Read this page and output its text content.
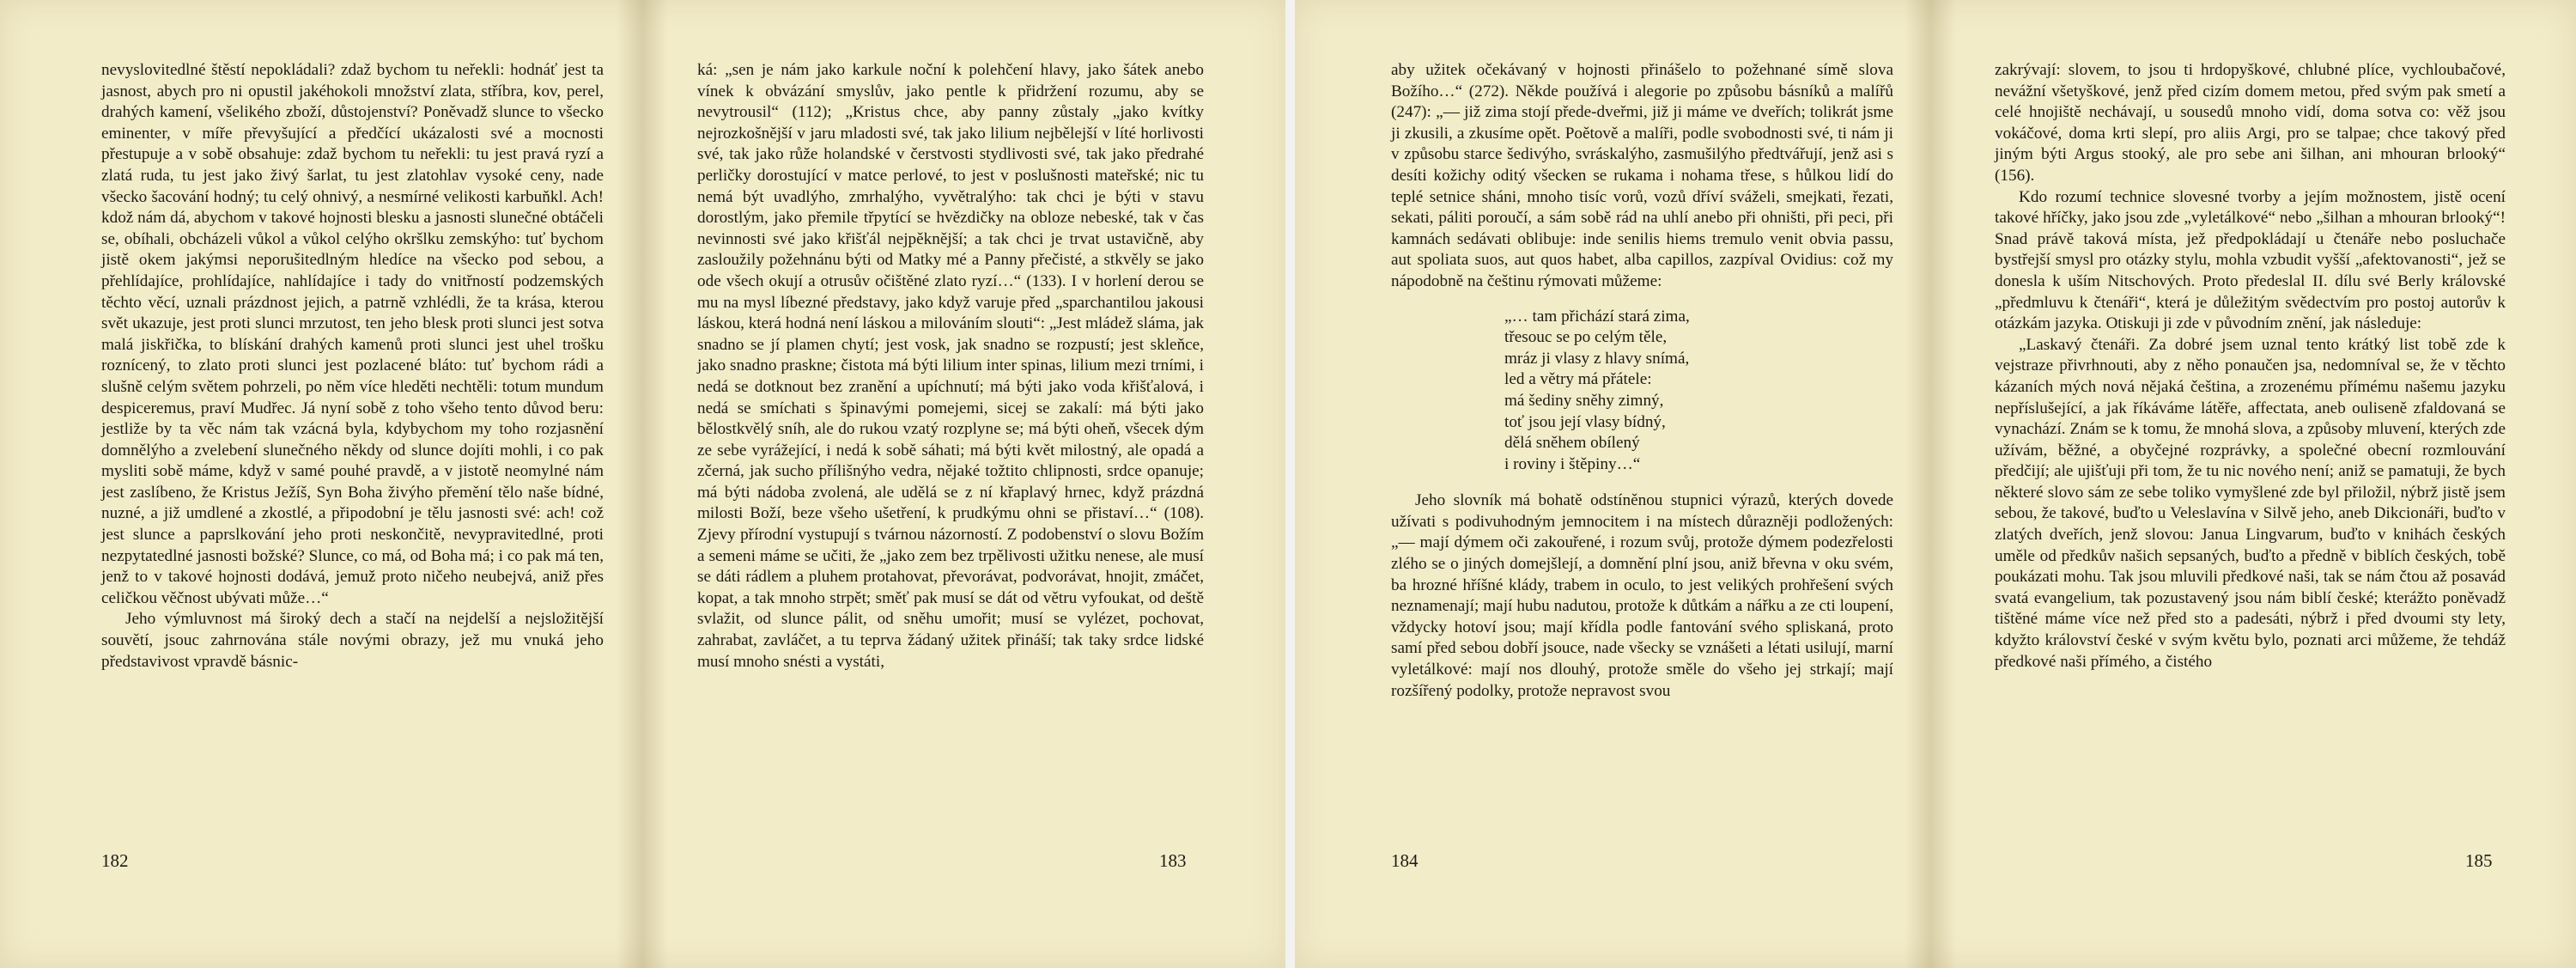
nevyslovitedlné štěstí nepokládali? zdaž bychom tu neřekli: hodnáť jest ta jasnost, abych pro ni opustil jakéhokoli množství zlata, stříbra, kov, perel, drahých kamení, všelikého zboží, důstojenství? Poněvadž slunce to všecko eminenter, v míře převyšující a předčící ukázalosti své a mocnosti přestupuje a v sobě obsahuje: zdaž bychom tu neřekli: tu jest pravá ryzí a zlatá ruda, tu jest jako živý šarlat, tu jest zlatohlav vysoké ceny, nade všecko šacování hodný; tu celý ohnivý, a nesmírné velikosti karbuňkl. Ach! kdož nám dá, abychom v takové hojnosti blesku a jasnosti slunečné obtáčeli se, obíhali, obcházeli vůkol a vůkol celýho okršlku zemskýho: tuť bychom jistě okem jakýmsi neporušitedlným hledíce na všecko pod sebou, a přehlídajíce, prohlídajíce, nahlídajíce i tady do vnitřností podzemských těchto věcí, uznali prázdnost jejich, a patrně vzhlédli, že ta krása, kterou svět ukazuje, jest proti slunci mrzutost, ten jeho blesk proti slunci jest sotva malá jiskřička, to blískání drahých kamenů proti slunci jest uhel trošku roznícený, to zlato proti slunci jest pozlacené bláto: tuť bychom rádi a slušně celým světem pohrzeli, po něm více hleděti nechtěli: totum mundum despiceremus, praví Mudřec. Já nyní sobě z toho všeho tento důvod beru: jestliže by ta věc nám tak vzácná byla, kdybychom my toho rozjasnění domnělýho a zvelebení slunečného někdy od slunce dojíti mohli, i co pak mysliti sobě máme, když v samé pouhé pravdě, a v jistotě neomylné nám jest zaslíbeno, že Kristus Ježíš, Syn Boha živýho přemění tělo naše bídné, nuzné, a již umdlené a zkostlé, a připodobní je tělu jasnosti své: ach! což jest slunce a paprslkování jeho proti neskončitě, nevypravitedlné, proti nezpytatedlné jasnosti božské? Slunce, co má, od Boha má; i co pak má ten, jenž to v takové hojnosti dodává, jemuž proto ničeho neubejvá, aniž přes celičkou věčnost ubývati může…“

Jeho výmluvnost má široký dech a stačí na nejdelší a nejsložitější souvětí, jsouc zahrnována stále novými obrazy, jež mu vnuká jeho představivost vpravdě básnic-

182

ká: „sen je nám jako karkule noční k polehčení hlavy, jako šátek anebo vínek k obvázání smyslův, jako pentle k přidržení rozumu, aby se nevytrousil“ (112); „Kristus chce, aby panny zůstaly „jako kvítky nejrozkošnější v jaru mladosti své, tak jako lilium nejbělejší v líté horlivosti své, tak jako růže holandské v čerstvosti stydlivosti své, tak jako předrahé perličky dorostující v matce perlové, to jest v poslušnosti mateřské; nic tu nemá být uvadlýho, zmrhalýho, vyvětralýho: tak chci je býti v stavu dorostlým, jako přemile třpytící se hvězdičky na obloze nebeské, tak v čas nevinnosti své jako křišťál nejpěknější; a tak chci je trvat ustavičně, aby zasloužily požehnánu býti od Matky mé a Panny přečisté, a stkvěly se jako ode všech okují a otrusův očištěné zlato ryzí…“ (133). I v horlení derou se mu na mysl líbezné představy, jako když varuje před „sparchantilou jakousi láskou, která hodná není láskou a milováním slouti“: „Jest mládež sláma, jak snadno se jí plamen chytí; jest vosk, jak snadno se rozpustí; jest skleňce, jako snadno praskne; čistota má býti lilium inter spinas, lilium mezi trními, i nedá se dotknout bez zranění a upíchnutí; má býti jako voda křišťalová, i nedá se smíchati s špinavými pomejemi, sicej se zakalí: má býti jako bělostkvělý sníh, ale do rukou vzatý rozplyne se; má býti oheň, všecek dým ze sebe vyrážející, i nedá k sobě sáhati; má býti květ milostný, ale opadá a zčerná, jak sucho přílišnýho vedra, nějaké tožtito chlipnosti, srdce opanuje; má býti nádoba zvolená, ale udělá se z ní křaplavý hrnec, když prázdná milosti Boží, beze všeho ušetření, k prudkýmu ohni se přistaví…“ (108). Zjevy přírodní vystupují s tvárnou názorností. Z podobenství o slovu Božím a semeni máme se učiti, že „jako zem bez trpělivosti užitku nenese, ale musí se dáti rádlem a pluhem protahovat, převorávat, podvorávat, hnojit, zmáčet, kopat, a tak mnoho strpět; směť pak musí se dát od větru vyfoukat, od deště svlažit, od slunce pálit, od sněhu umořit; musí se vylézet, pochovat, zahrabat, zavláčet, a tu teprva žádaný užitek přináší; tak taky srdce lidské musí mnoho snésti a vystáti,

183

aby užitek očekávaný v hojnosti přinášelo to požehnané símě slova Božího…“ (272). Někde používá i alegorie po způsobu básníků a malířů (247): „— již zima stojí přede-dveřmi, již ji máme ve dveřích; tolikrát jsme ji zkusili, a zkusíme opět. Poětově a malíři, podle svobodnosti své, ti nám ji v způsobu starce šedivýho, svráskalýho, zasmušilýho předtvářují, jenž asi s desíti kožichy oditý všecken se rukama i nohama třese, s hůlkou lidí do teplé setnice sháni, mnoho tisíc vorů, vozů dříví sváželi, smejkati, řezati, sekati, páliti poroučí, a sám sobě rád na uhlí anebo při ohništi, při peci, při kamnách sedávati oblibuje: inde senilis hiems tremulo venit obvia passu, aut spoliata suos, aut quos habet, alba capillos, zazpíval Ovidius: což my nápodobně na češtinu rýmovati můžeme:

„… tam přichází stará zima,
třesouc se po celým těle,
mráz ji vlasy z hlavy snímá,
led a větry má přátele:
má šediny sněhy zimný,
toť jsou její vlasy bídný,
dělá sněhem obílený
i roviny i štěpiny…“

Jeho slovník má bohatě odstíněnou stupnici výrazů, kterých dovede užívati s podivuhodným jemnocitem i na místech důrazněji podložených: „— mají dýmem oči zakouřené, i rozum svůj, protože dýmem podezřelosti zlého se o jiných domejšlejí, a domnění plní jsou, aniž břevna v oku svém, ba hrozné hříšné klády, trabem in oculo, to jest velikých prohřešení svých neznamenají; mají hubu nadutou, protože k důtkám a nářku a ze cti loupení, vždycky hotoví jsou; mají křídla podle fantování svého spliskaná, proto samí před sebou dobří jsouce, nade všecky se vznášeti a létati usilují, marní vyletálkové: mají nos dlouhý, protože směle do všeho jej strkají; mají rozšířený podolky, protože nepravost svou

184

zakrývají: slovem, to jsou ti hrdopyškové, chlubné plíce, vychloubačové, nevážní všetyškové, jenž před cizím domem metou, před svým pak smetí a celé hnojiště nechávají, u sousedů mnoho vidí, doma sotva co: věž jsou vokáčové, doma krti slepí, pro aliis Argi, pro se talpae; chce takový před jiným býti Argus stooký, ale pro sebe ani šilhan, ani mhouran brlooký“ (156).

Kdo rozumí technice slovesné tvorby a jejím možnostem, jistě ocení takové hříčky, jako jsou zde „vyletálkové“ nebo „šilhan a mhouran brlooký“! Snad právě taková místa, jež předpokládají u čtenáře nebo posluchače bystřejší smysl pro otázky stylu, mohla vzbudit vyšší „afektovanosti“, jež se donesla k uším Nitschových. Proto předeslal II. dílu své Berly královské „předmluvu k čtenáři“, která je důležitým svědectvím pro postoj autorův k otázkám jazyka. Otiskuji ji zde v původním znění, jak následuje:

„Laskavý čtenáři. Za dobré jsem uznal tento krátký list tobě zde k vejstraze přivrhnouti, aby z něho ponaučen jsa, nedomníval se, že v těchto kázaních mých nová nějaká čeština, a zrozenému přímému našemu jazyku nepříslušející, a jak říkáváme látěře, affectata, aneb ouliseně zfaldovaná se vynachází. Znám se k tomu, že mnohá slova, a způsoby mluvení, kterých zde užívám, běžné, a obyčejné rozprávky, a společné obecní rozmlouvání předčijí; ale ujišťuji při tom, že tu nic nového není; aniž se pamatuji, že bych některé slovo sám ze sebe toliko vymyšlené zde byl přiložil, nýbrž jistě jsem sebou, že takové, buďto u Veleslavína v Silvě jeho, aneb Dikcionáři, buďto v zlatých dveřích, jenž slovou: Janua Lingvarum, buďto v knihách českých uměle od předkův našich sepsaných, buďto a předně v biblích českých, tobě poukázati mohu. Tak jsou mluvili předkové naši, tak se nám čtou až posavád svatá evangelium, tak pozustavený jsou nám biblí české; kterážto poněvadž tištěné máme více než před sto a padesáti, nýbrž i před dvoumi sty lety, kdyžto království české v svým květu bylo, poznati arci můžeme, že tehdáž předkové naši přímého, a čistého

185
